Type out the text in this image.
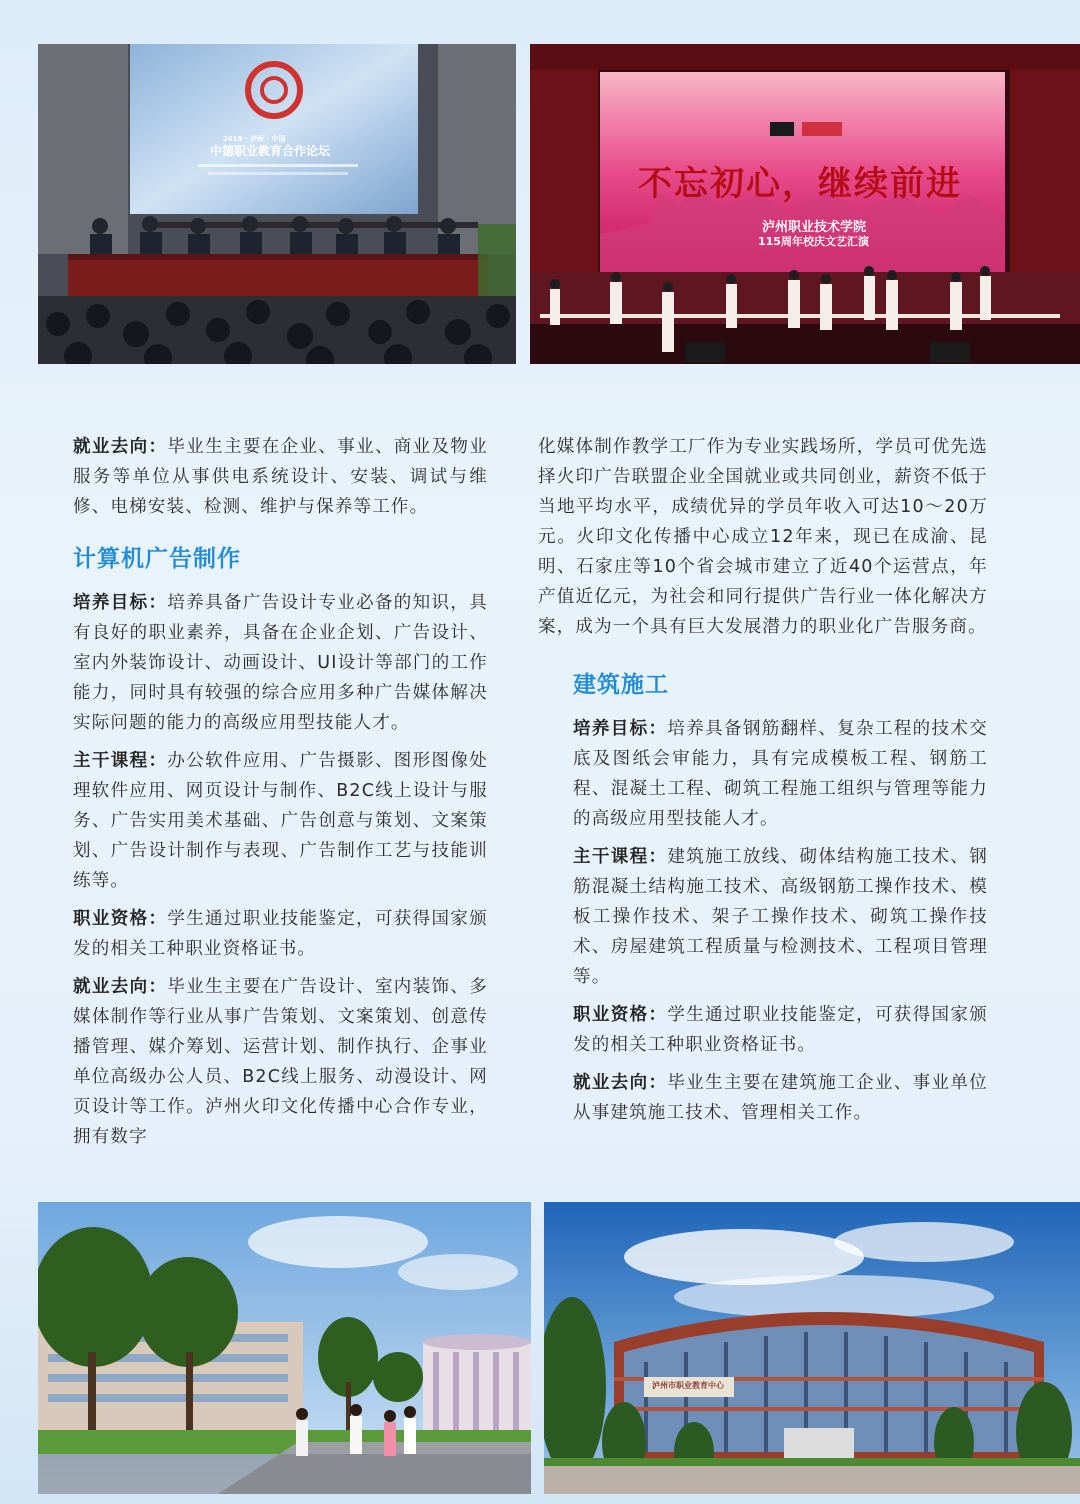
2019 · 泸州 · 中国
中德职业教育合作论坛
不忘初心，继续前进
泸州职业技术学院
115周年校庆文艺汇演

就业去向：毕业生主要在企业、事业、商业及物业服务等单位从事供电系统设计、安装、调试与维修、电梯安装、检测、维护与保养等工作。

计算机广告制作

培养目标：培养具备广告设计专业必备的知识，具有良好的职业素养，具备在企业企划、广告设计、室内外装饰设计、动画设计、UI设计等部门的工作能力，同时具有较强的综合应用多种广告媒体解决实际问题的能力的高级应用型技能人才。

主干课程：办公软件应用、广告摄影、图形图像处理软件应用、网页设计与制作、B2C线上设计与服务、广告实用美术基础、广告创意与策划、文案策划、广告设计制作与表现、广告制作工艺与技能训练等。

职业资格：学生通过职业技能鉴定，可获得国家颁发的相关工种职业资格证书。

就业去向：毕业生主要在广告设计、室内装饰、多媒体制作等行业从事广告策划、文案策划、创意传播管理、媒介筹划、运营计划、制作执行、企事业单位高级办公人员、B2C线上服务、动漫设计、网页设计等工作。泸州火印文化传播中心合作专业，拥有数字

化媒体制作教学工厂作为专业实践场所，学员可优先选择火印广告联盟企业全国就业或共同创业，薪资不低于当地平均水平，成绩优异的学员年收入可达10～20万元。火印文化传播中心成立12年来，现已在成渝、昆明、石家庄等10个省会城市建立了近40个运营点，年产值近亿元，为社会和同行提供广告行业一体化解决方案，成为一个具有巨大发展潜力的职业化广告服务商。

建筑施工

培养目标：培养具备钢筋翻样、复杂工程的技术交底及图纸会审能力，具有完成模板工程、钢筋工程、混凝土工程、砌筑工程施工组织与管理等能力的高级应用型技能人才。

主干课程：建筑施工放线、砌体结构施工技术、钢筋混凝土结构施工技术、高级钢筋工操作技术、模板工操作技术、架子工操作技术、砌筑工操作技术、房屋建筑工程质量与检测技术、工程项目管理等。

职业资格：学生通过职业技能鉴定，可获得国家颁发的相关工种职业资格证书。

就业去向：毕业生主要在建筑施工企业、事业单位从事建筑施工技术、管理相关工作。

泸州市职业教育中心
